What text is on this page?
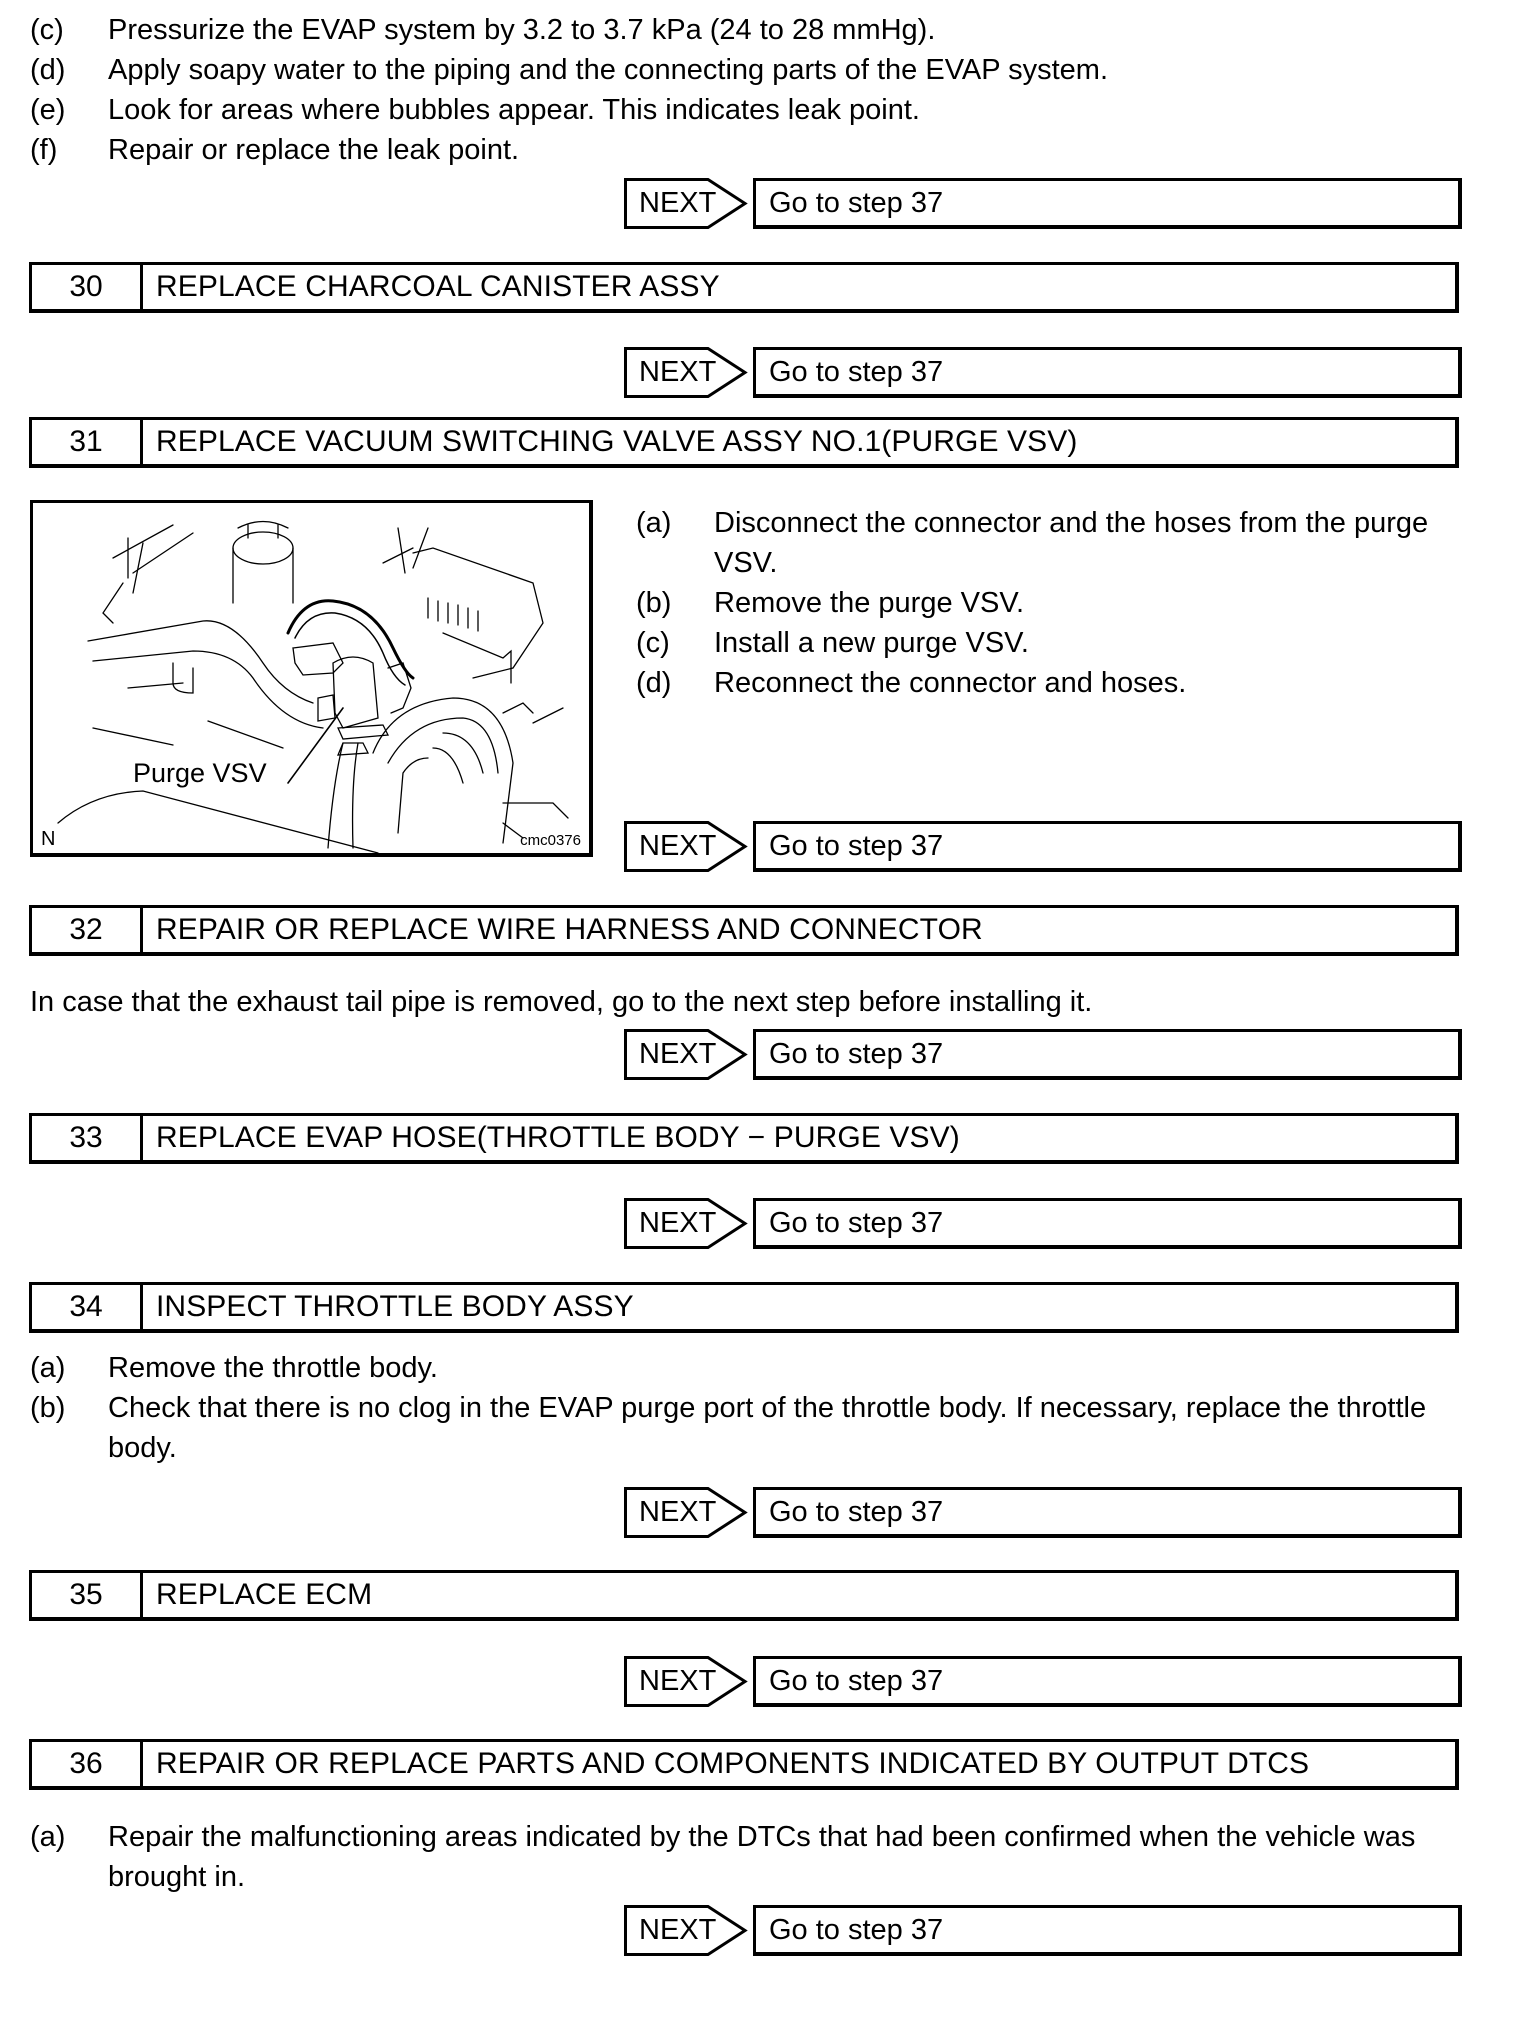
(c)	Pressurize the EVAP system by 3.2 to 3.7 kPa (24 to 28 mmHg).
(d)	Apply soapy water to the piping and the connecting parts of the EVAP system.
(e)	Look for areas where bubbles appear. This indicates leak point.
(f)	Repair or replace the leak point.
NEXT	Go to step 37
30	REPLACE CHARCOAL CANISTER ASSY
NEXT	Go to step 37
31	REPLACE VACUUM SWITCHING VALVE ASSY NO.1(PURGE VSV)
Purge VSV
N	cmc0376
(a)	Disconnect the connector and the hoses from the purge VSV.
(b)	Remove the purge VSV.
(c)	Install a new purge VSV.
(d)	Reconnect the connector and hoses.
NEXT	Go to step 37
32	REPAIR OR REPLACE WIRE HARNESS AND CONNECTOR
In case that the exhaust tail pipe is removed, go to the next step before installing it.
NEXT	Go to step 37
33	REPLACE EVAP HOSE(THROTTLE BODY − PURGE VSV)
NEXT	Go to step 37
34	INSPECT THROTTLE BODY ASSY
(a)	Remove the throttle body.
(b)	Check that there is no clog in the EVAP purge port of the throttle body. If necessary, replace the throttle body.
NEXT	Go to step 37
35	REPLACE ECM
NEXT	Go to step 37
36	REPAIR OR REPLACE PARTS AND COMPONENTS INDICATED BY OUTPUT DTCS
(a)	Repair the malfunctioning areas indicated by the DTCs that had been confirmed when the vehicle was brought in.
NEXT	Go to step 37
